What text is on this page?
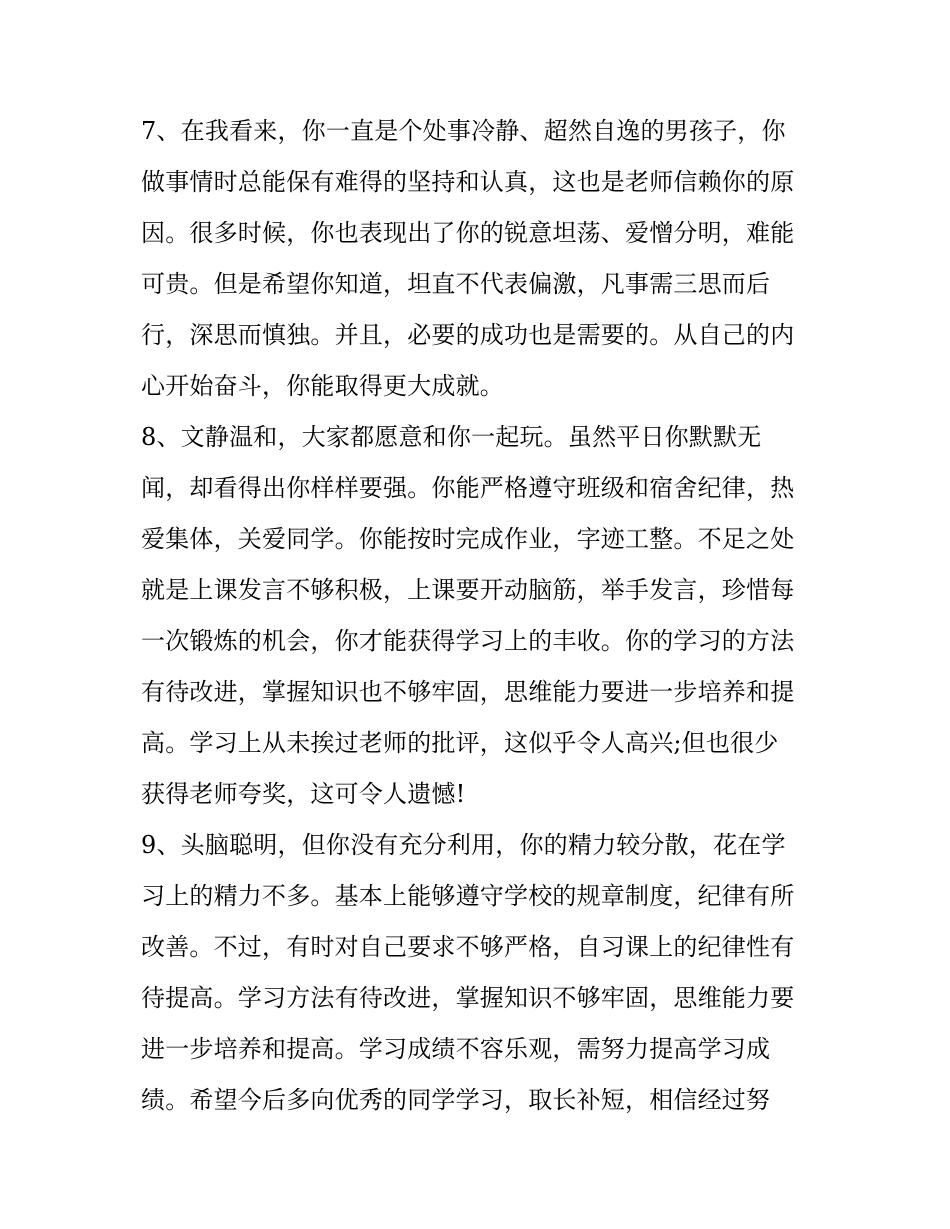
7、在我看来，你一直是个处事冷静、超然自逸的男孩子，你
做事情时总能保有难得的坚持和认真，这也是老师信赖你的原
因。很多时候，你也表现出了你的锐意坦荡、爱憎分明，难能
可贵。但是希望你知道，坦直不代表偏激，凡事需三思而后
行，深思而慎独。并且，必要的成功也是需要的。从自己的内
心开始奋斗，你能取得更大成就。
8、文静温和，大家都愿意和你一起玩。虽然平日你默默无
闻，却看得出你样样要强。你能严格遵守班级和宿舍纪律，热
爱集体，关爱同学。你能按时完成作业，字迹工整。不足之处
就是上课发言不够积极，上课要开动脑筋，举手发言，珍惜每
一次锻炼的机会，你才能获得学习上的丰收。你的学习的方法
有待改进，掌握知识也不够牢固，思维能力要进一步培养和提
高。学习上从未挨过老师的批评，这似乎令人高兴;但也很少
获得老师夸奖，这可令人遗憾!
9、头脑聪明，但你没有充分利用，你的精力较分散，花在学
习上的精力不多。基本上能够遵守学校的规章制度，纪律有所
改善。不过，有时对自己要求不够严格，自习课上的纪律性有
待提高。学习方法有待改进，掌握知识不够牢固，思维能力要
进一步培养和提高。学习成绩不容乐观，需努力提高学习成
绩。希望今后多向优秀的同学学习，取长补短，相信经过努
